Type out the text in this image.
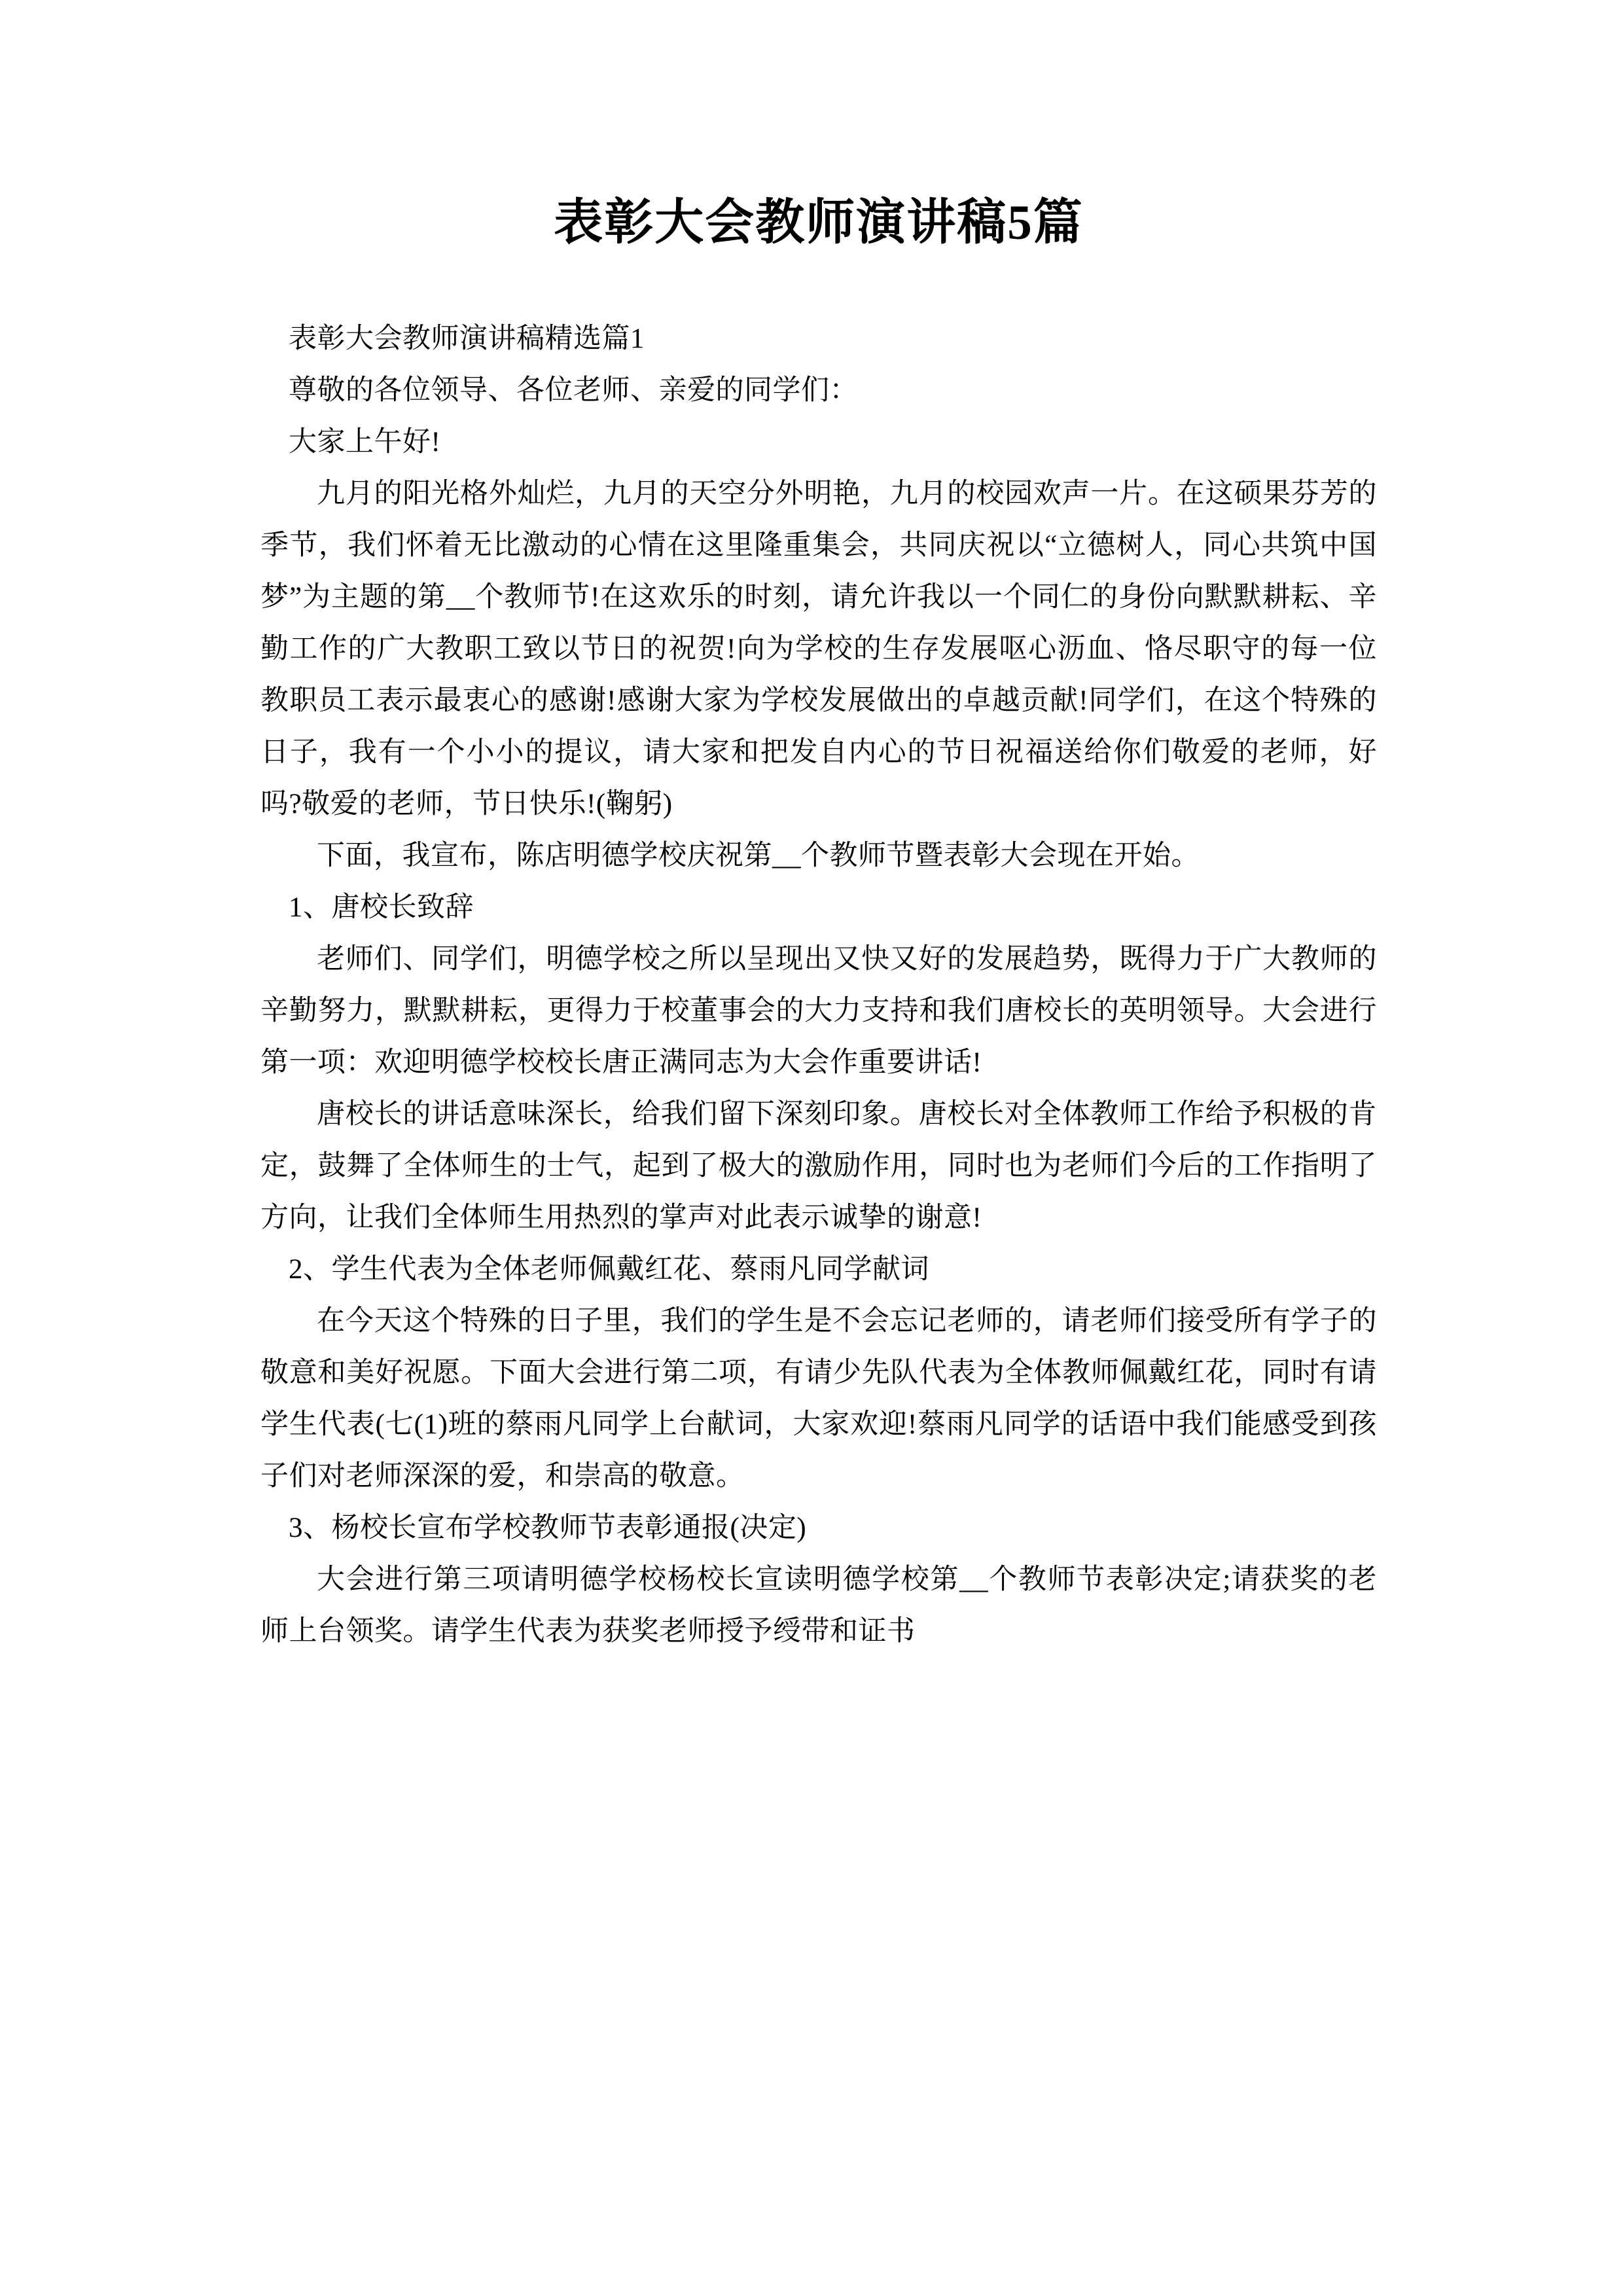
表彰大会教师演讲稿5篇

表彰大会教师演讲稿精选篇1

尊敬的各位领导、各位老师、亲爱的同学们：

大家上午好!

九月的阳光格外灿烂，九月的天空分外明艳，九月的校园欢声一片。在这硕果芬芳的季节，我们怀着无比激动的心情在这里隆重集会，共同庆祝以“立德树人，同心共筑中国梦”为主题的第__个教师节!在这欢乐的时刻，请允许我以一个同仁的身份向默默耕耘、辛勤工作的广大教职工致以节日的祝贺!向为学校的生存发展呕心沥血、恪尽职守的每一位教职员工表示最衷心的感谢!感谢大家为学校发展做出的卓越贡献!同学们，在这个特殊的日子，我有一个小小的提议，请大家和把发自内心的节日祝福送给你们敬爱的老师，好吗?敬爱的老师，节日快乐!(鞠躬)

下面，我宣布，陈店明德学校庆祝第__个教师节暨表彰大会现在开始。

1、唐校长致辞

老师们、同学们，明德学校之所以呈现出又快又好的发展趋势，既得力于广大教师的辛勤努力，默默耕耘，更得力于校董事会的大力支持和我们唐校长的英明领导。大会进行第一项：欢迎明德学校校长唐正满同志为大会作重要讲话!

唐校长的讲话意味深长，给我们留下深刻印象。唐校长对全体教师工作给予积极的肯定，鼓舞了全体师生的士气，起到了极大的激励作用，同时也为老师们今后的工作指明了方向，让我们全体师生用热烈的掌声对此表示诚挚的谢意!

2、学生代表为全体老师佩戴红花、蔡雨凡同学献词

在今天这个特殊的日子里，我们的学生是不会忘记老师的，请老师们接受所有学子的敬意和美好祝愿。下面大会进行第二项，有请少先队代表为全体教师佩戴红花，同时有请学生代表(七(1)班的蔡雨凡同学上台献词，大家欢迎!蔡雨凡同学的话语中我们能感受到孩子们对老师深深的爱，和崇高的敬意。

3、杨校长宣布学校教师节表彰通报(决定)

大会进行第三项请明德学校杨校长宣读明德学校第__个教师节表彰决定;请获奖的老师上台领奖。请学生代表为获奖老师授予绶带和证书
